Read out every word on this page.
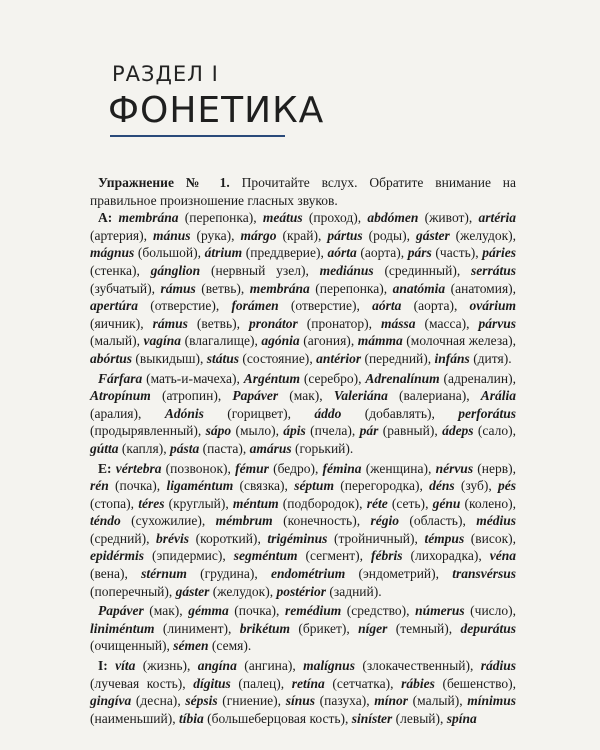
РАЗДЕЛ I
ФОНЕТИКА

Упражнение № 1. Прочитайте вслух. Обратите внимание на правильное произношение гласных звуков.

A: membrána (перепонка), meátus (проход), abdómen (живот), artéria (артерия), mánus (рука), márgo (край), pártus (роды), gáster (желудок), mágnus (большой), átrium (преддверие), aórta (аорта), párs (часть), páries (стенка), gánglion (нервный узел), mediánus (срединный), serrátus (зубчатый), rámus (ветвь), membrána (перепонка), anatómia (анатомия), apertúra (отверстие), forámen (отверстие), aórta (аорта), ovárium (яичник), rámus (ветвь), pronátor (пронатор), mássa (масса), párvus (малый), vagína (влагалище), agónia (агония), mámma (молочная железа), abórtus (выкидыш), státus (состояние), antérior (передний), infáns (дитя).

Fárfara (мать-и-мачеха), Argéntum (серебро), Adrenalínum (адреналин), Atropínum (атропин), Papáver (мак), Valeriána (валериана), Arália (аралия), Adónis (горицвет), áddo (добавлять), perforátus (продырявленный), sápo (мыло), ápis (пчела), pár (равный), ádeps (сало), gútta (капля), pásta (паста), amárus (горький).

E: vértebra (позвонок), fémur (бедро), fémina (женщина), nérvus (нерв), rén (почка), ligaméntum (связка), séptum (перегородка), déns (зуб), pés (стопа), téres (круглый), méntum (подбородок), réte (сеть), génu (колено), téndo (сухожилие), mémbrum (конечность), régio (область), médius (средний), brévis (короткий), trigéminus (тройничный), témpus (висок), epidérmis (эпидермис), segméntum (сегмент), fébris (лихорадка), véna (вена), stérnum (грудина), endométrium (эндометрий), transvérsus (поперечный), gáster (желудок), postérior (задний).

Papáver (мак), gémma (почка), remédium (средство), númerus (число), liniméntum (линимент), brikétum (брикет), níger (темный), depurátus (очищенный), sémen (семя).

I: víta (жизнь), angína (ангина), malígnus (злокачественный), rádius (лучевая кость), dígitus (палец), retína (сетчатка), rábies (бешенство), gingíva (десна), sépsis (гниение), sínus (пазуха), mínor (малый), mínimus (наименьший), tíbia (большеберцовая кость), siníster (левый), spína
